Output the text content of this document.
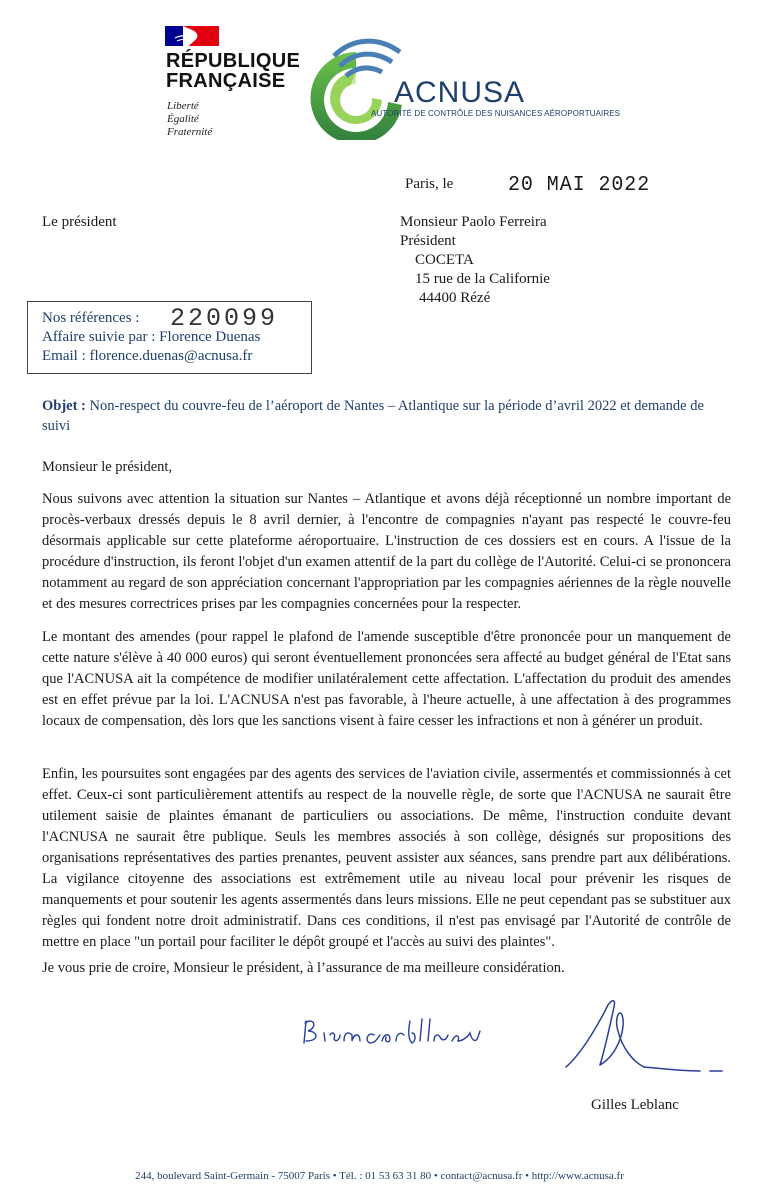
RÉPUBLIQUE
FRANÇAISE
Liberté
Égalité
Fraternité
ACNUSA
AUTORITÉ DE CONTRÔLE DES NUISANCES AÉROPORTUAIRES
Paris, le	20 MAI 2022
Le président	Monsieur Paolo Ferreira
Président
COCETA
15 rue de la Californie
44400 Rézé
Nos références : 220099
Affaire suivie par : Florence Duenas
Email : florence.duenas@acnusa.fr
Objet : Non-respect du couvre-feu de l’aéroport de Nantes – Atlantique sur la période d’avril 2022 et demande de suivi
Monsieur le président,
Nous suivons avec attention la situation sur Nantes – Atlantique et avons déjà réceptionné un nombre important de procès-verbaux dressés depuis le 8 avril dernier, à l'encontre de compagnies n'ayant pas respecté le couvre-feu désormais applicable sur cette plateforme aéroportuaire. L'instruction de ces dossiers est en cours. A l'issue de la procédure d'instruction, ils feront l'objet d'un examen attentif de la part du collège de l'Autorité. Celui-ci se prononcera notamment au regard de son appréciation concernant l'appropriation par les compagnies aériennes de la règle nouvelle et des mesures correctrices prises par les compagnies concernées pour la respecter.
Le montant des amendes (pour rappel le plafond de l'amende susceptible d'être prononcée pour un manquement de cette nature s'élève à 40 000 euros) qui seront éventuellement prononcées sera affecté au budget général de l'Etat sans que l'ACNUSA ait la compétence de modifier unilatéralement cette affectation. L'affectation du produit des amendes est en effet prévue par la loi. L'ACNUSA n'est pas favorable, à l'heure actuelle, à une affectation à des programmes locaux de compensation, dès lors que les sanctions visent à faire cesser les infractions et non à générer un produit.
Enfin, les poursuites sont engagées par des agents des services de l'aviation civile, assermentés et commissionnés à cet effet. Ceux-ci sont particulièrement attentifs au respect de la nouvelle règle, de sorte que l'ACNUSA ne saurait être utilement saisie de plaintes émanant de particuliers ou associations. De même, l'instruction conduite devant l'ACNUSA ne saurait être publique. Seuls les membres associés à son collège, désignés sur propositions des organisations représentatives des parties prenantes, peuvent assister aux séances, sans prendre part aux délibérations. La vigilance citoyenne des associations est extrêmement utile au niveau local pour prévenir les risques de manquements et pour soutenir les agents assermentés dans leurs missions. Elle ne peut cependant pas se substituer aux règles qui fondent notre droit administratif. Dans ces conditions, il n'est pas envisagé par l'Autorité de contrôle de mettre en place "un portail pour faciliter le dépôt groupé et l'accès au suivi des plaintes".
Je vous prie de croire, Monsieur le président, à l’assurance de ma meilleure considération.
Gilles Leblanc
244, boulevard Saint-Germain - 75007 Paris • Tél. : 01 53 63 31 80 • contact@acnusa.fr • http://www.acnusa.fr
